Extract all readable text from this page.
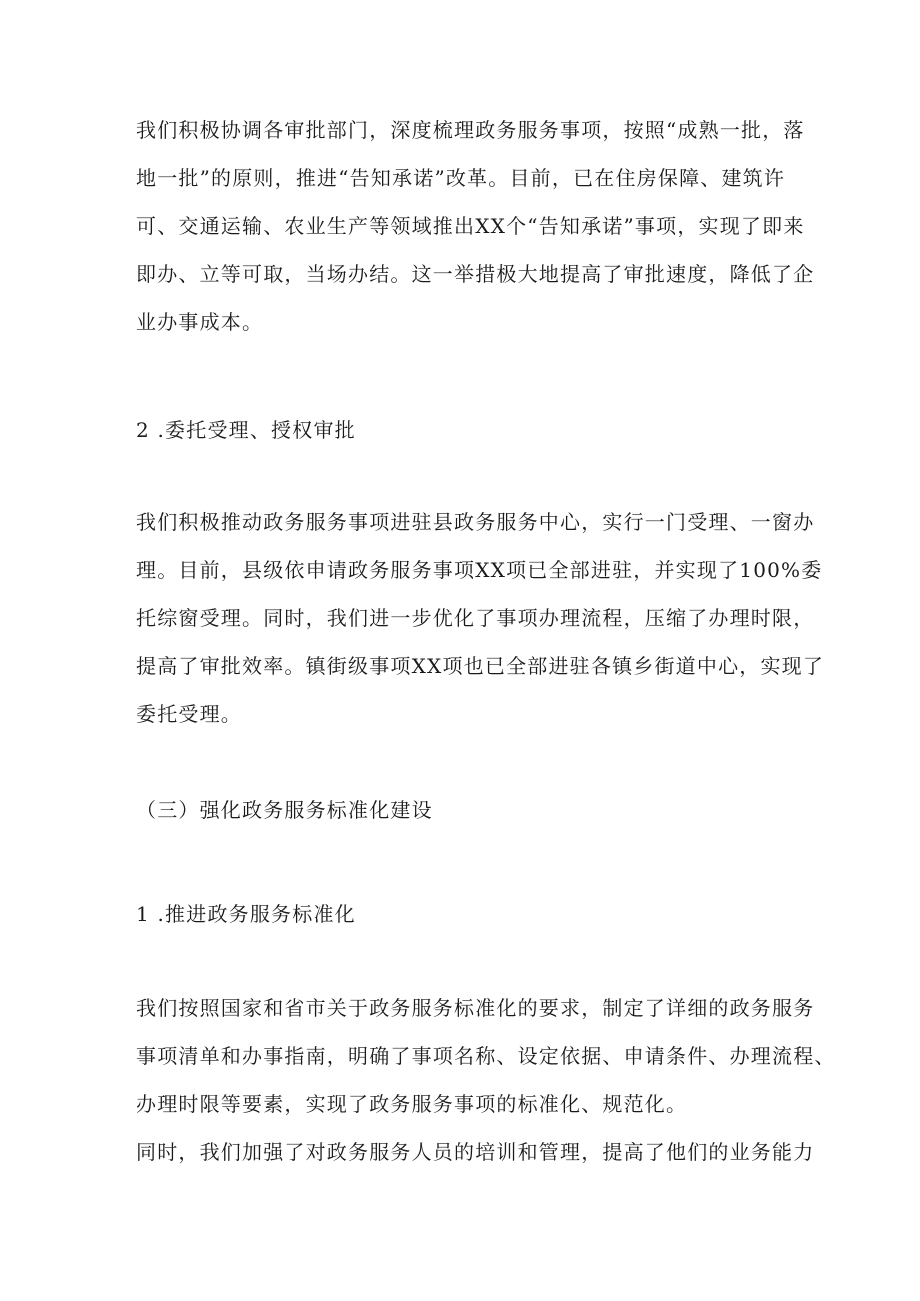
我们积极协调各审批部门，深度梳理政务服务事项，按照“成熟一批，落
地一批”的原则，推进“告知承诺”改革。目前，已在住房保障、建筑许
可、交通运输、农业生产等领域推出XX个“告知承诺”事项，实现了即来
即办、立等可取，当场办结。这一举措极大地提高了审批速度，降低了企
业办事成本。
2 .委托受理、授权审批
我们积极推动政务服务事项进驻县政务服务中心，实行一门受理、一窗办
理。目前，县级依申请政务服务事项XX项已全部进驻，并实现了100%委
托综窗受理。同时，我们进一步优化了事项办理流程，压缩了办理时限，
提高了审批效率。镇街级事项XX项也已全部进驻各镇乡街道中心，实现了
委托受理。
（三）强化政务服务标准化建设
1 .推进政务服务标准化
我们按照国家和省市关于政务服务标准化的要求，制定了详细的政务服务
事项清单和办事指南，明确了事项名称、设定依据、申请条件、办理流程、
办理时限等要素，实现了政务服务事项的标准化、规范化。
同时，我们加强了对政务服务人员的培训和管理，提高了他们的业务能力
